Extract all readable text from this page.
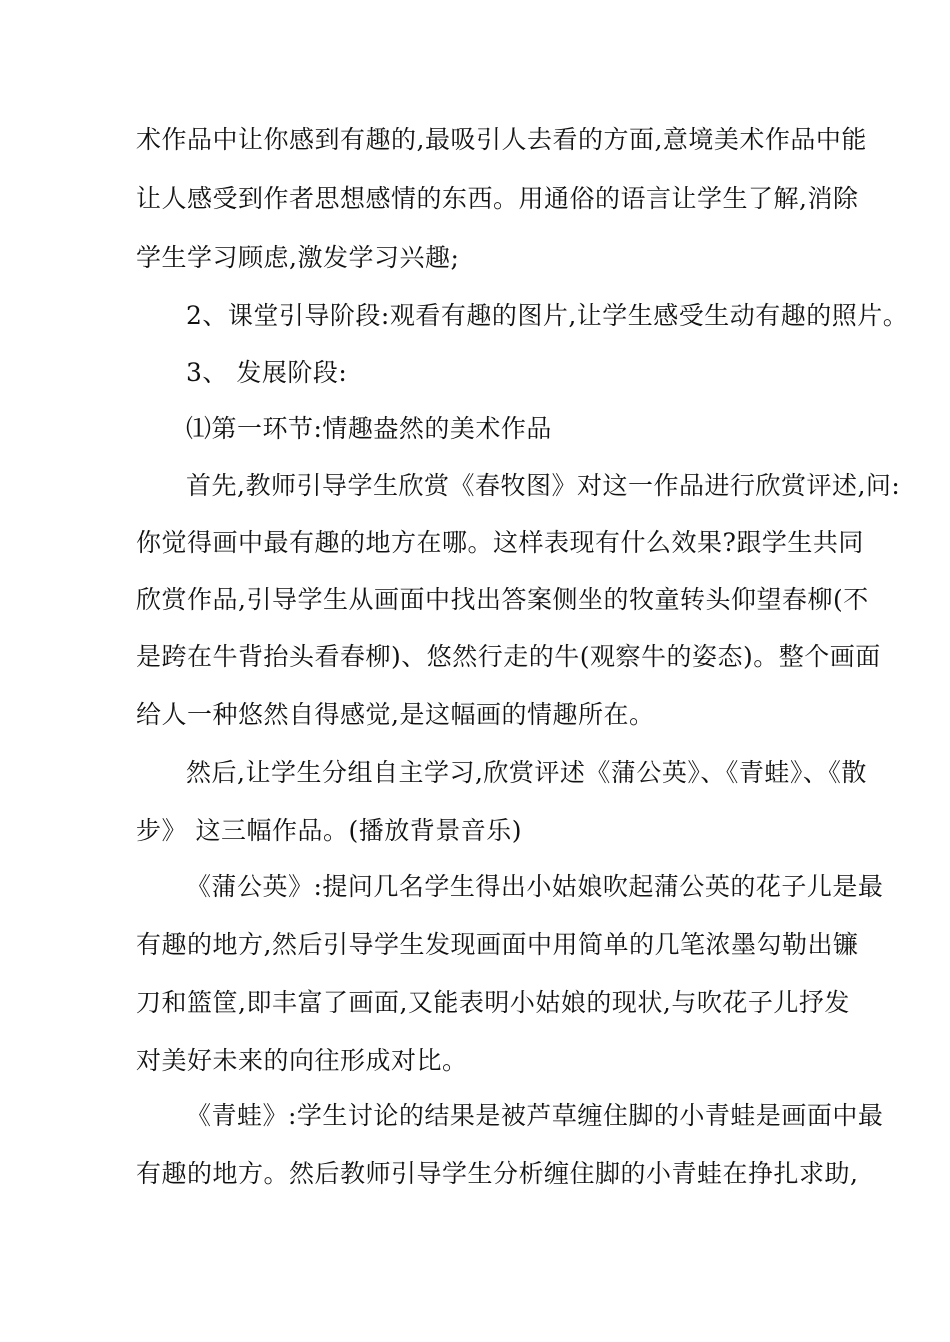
术作品中让你感到有趣的,最吸引人去看的方面,意境美术作品中能
让人感受到作者思想感情的东西。用通俗的语言让学生了解,消除
学生学习顾虑,激发学习兴趣;
2、课堂引导阶段:观看有趣的图片,让学生感受生动有趣的照片。
3、 发展阶段:
⑴第一环节:情趣盎然的美术作品
首先,教师引导学生欣赏《春牧图》对这一作品进行欣赏评述,问:
你觉得画中最有趣的地方在哪。这样表现有什么效果?跟学生共同
欣赏作品,引导学生从画面中找出答案侧坐的牧童转头仰望春柳(不
是跨在牛背抬头看春柳)、悠然行走的牛(观察牛的姿态)。整个画面
给人一种悠然自得感觉,是这幅画的情趣所在。
然后,让学生分组自主学习,欣赏评述《蒲公英》、《青蛙》、《散
步》 这三幅作品。(播放背景音乐)
《蒲公英》:提问几名学生得出小姑娘吹起蒲公英的花子儿是最
有趣的地方,然后引导学生发现画面中用简单的几笔浓墨勾勒出镰
刀和篮筐,即丰富了画面,又能表明小姑娘的现状,与吹花子儿抒发
对美好未来的向往形成对比。
《青蛙》:学生讨论的结果是被芦草缠住脚的小青蛙是画面中最
有趣的地方。然后教师引导学生分析缠住脚的小青蛙在挣扎求助,
